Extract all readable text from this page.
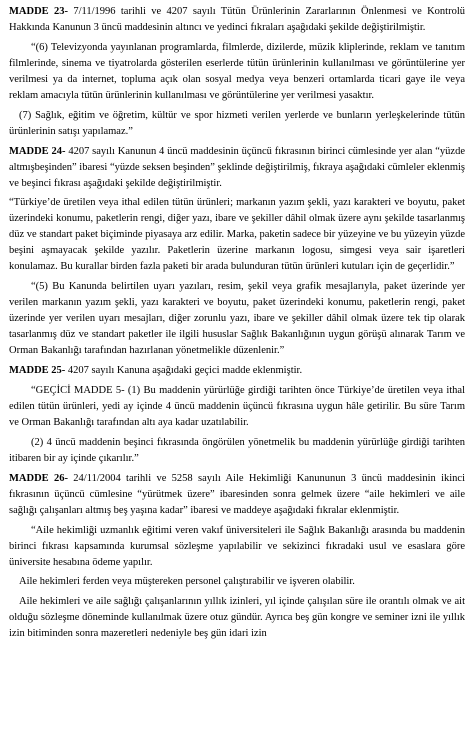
MADDE 23- 7/11/1996 tarihli ve 4207 sayılı Tütün Ürünlerinin Zararlarının Önlenmesi ve Kontrolü Hakkında Kanunun 3 üncü maddesinin altıncı ve yedinci fıkraları aşağıdaki şekilde değiştirilmiştir.

“(6) Televizyonda yayınlanan programlarda, filmlerde, dizilerde, müzik kliplerinde, reklam ve tanıtım filmlerinde, sinema ve tiyatrolarda gösterilen eserlerde tütün ürünlerinin kullanılması ve görüntülerine yer verilmesi ya da internet, topluma açık olan sosyal medya veya benzeri ortamlarda ticari gaye ile veya reklam amacıyla tütün ürünlerinin kullanılması ve görüntülerine yer verilmesi yasaktır.

(7) Sağlık, eğitim ve öğretim, kültür ve spor hizmeti verilen yerlerde ve bunların yerleşkelerinde tütün ürünlerinin satışı yapılamaz.”

MADDE 24- 4207 sayılı Kanunun 4 üncü maddesinin üçüncü fıkrasının birinci cümlesinde yer alan “yüzde altmışbeşinden” ibaresi “yüzde seksen beşinden” şeklinde değiştirilmiş, fıkraya aşağıdaki cümleler eklenmiş ve beşinci fıkrası aşağıdaki şekilde değiştirilmiştir.

“Türkiye’de üretilen veya ithal edilen tütün ürünleri; markanın yazım şekli, yazı karakteri ve boyutu, paket üzerindeki konumu, paketlerin rengi, diğer yazı, ibare ve şekiller dâhil olmak üzere aynı şekilde tasarlanmış düz ve standart paket biçiminde piyasaya arz edilir. Marka, paketin sadece bir yüzeyine ve bu yüzeyin yüzde beşini aşmayacak şekilde yazılır. Paketlerin üzerine markanın logosu, simgesi veya sair işaretleri konulamaz. Bu kurallar birden fazla paketi bir arada bulunduran tütün ürünleri kutuları için de geçerlidir.”

“(5) Bu Kanunda belirtilen uyarı yazıları, resim, şekil veya grafik mesajlarıyla, paket üzerinde yer verilen markanın yazım şekli, yazı karakteri ve boyutu, paket üzerindeki konumu, paketlerin rengi, paket üzerinde yer verilen uyarı mesajları, diğer zorunlu yazı, ibare ve şekiller dâhil olmak üzere tek tip olarak tasarlanmış düz ve standart paketler ile ilgili hususlar Sağlık Bakanlığının uygun görüşü alınarak Tarım ve Orman Bakanlığı tarafından hazırlanan yönetmelikle düzenlenir.”

MADDE 25- 4207 sayılı Kanuna aşağıdaki geçici madde eklenmiştir.

“GEÇİCİ MADDE 5- (1) Bu maddenin yürürlüğe girdiği tarihten önce Türkiye’de üretilen veya ithal edilen tütün ürünleri, yedi ay içinde 4 üncü maddenin üçüncü fıkrasına uygun hâle getirilir. Bu süre Tarım ve Orman Bakanlığı tarafından altı aya kadar uzatılabilir.

(2) 4 üncü maddenin beşinci fıkrasında öngörülen yönetmelik bu maddenin yürürlüğe girdiği tarihten itibaren bir ay içinde çıkarılır.”

MADDE 26- 24/11/2004 tarihli ve 5258 sayılı Aile Hekimliği Kanununun 3 üncü maddesinin ikinci fıkrasının üçüncü cümlesine “yürütmek üzere” ibaresinden sonra gelmek üzere “aile hekimleri ve aile sağlığı çalışanları altmış beş yaşına kadar” ibaresi ve maddeye aşağıdaki fıkralar eklenmiştir.

“Aile hekimliği uzmanlık eğitimi veren vakıf üniversiteleri ile Sağlık Bakanlığı arasında bu maddenin birinci fıkrası kapsamında kurumsal sözleşme yapılabilir ve sekizinci fıkradaki usul ve esaslara göre üniversite hesabına ödeme yapılır.

Aile hekimleri ferden veya müştereken personel çalıştırabilir ve işveren olabilir.

Aile hekimleri ve aile sağlığı çalışanlarının yıllık izinleri, yıl içinde çalışılan süre ile orantılı olmak ve ait olduğu sözleşme döneminde kullanılmak üzere otuz gündür. Ayrıca beş gün kongre ve seminer izni ile yıllık izin bitiminden sonra mazeretleri nedeniyle beş gün idari izin
